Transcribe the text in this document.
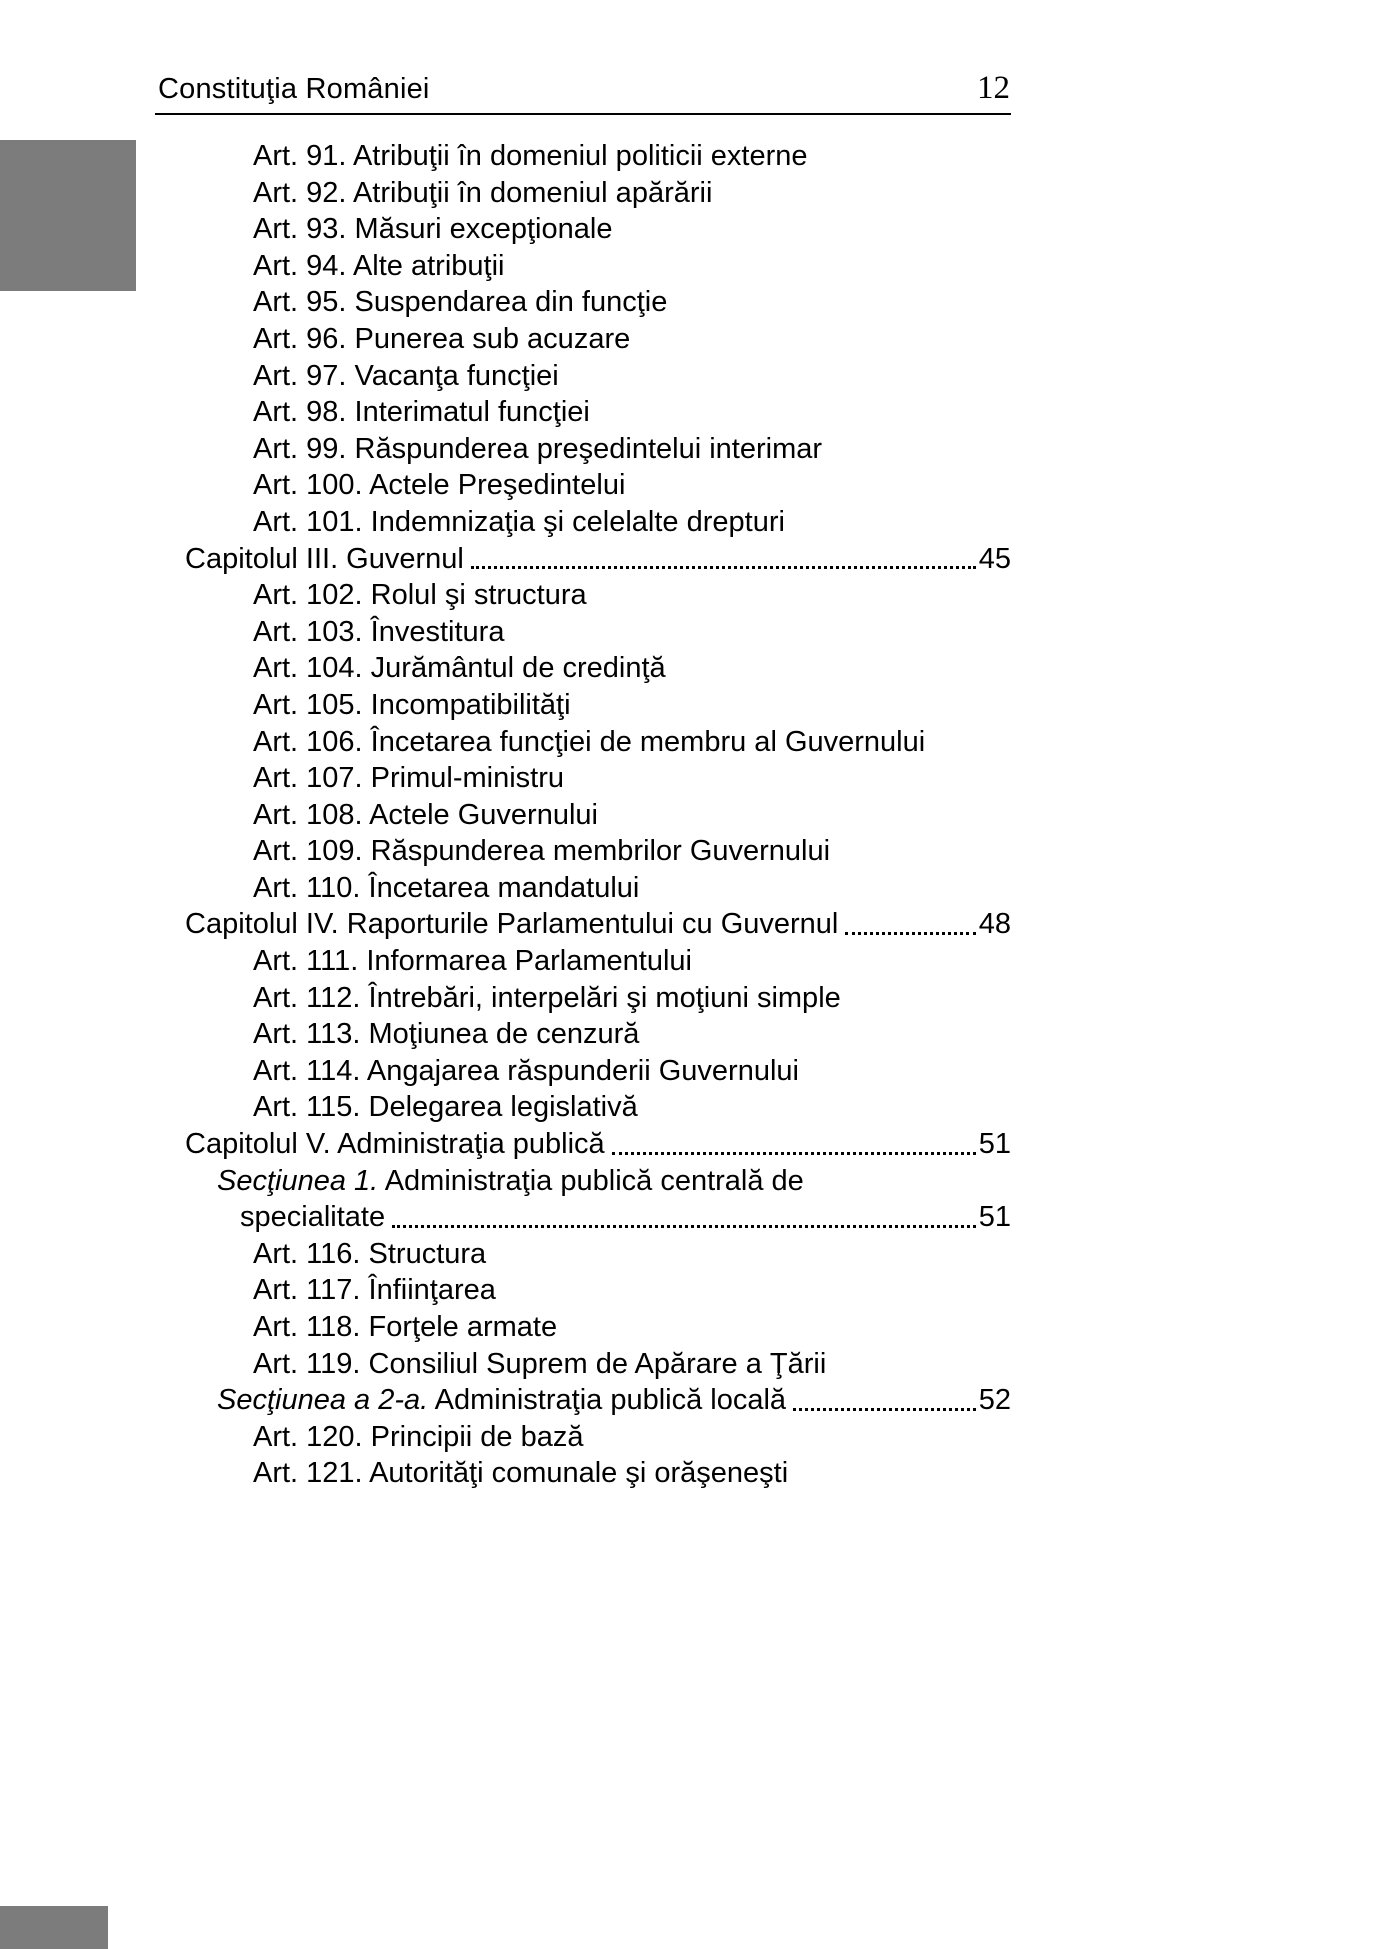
Constituţia României	12
Art. 91. Atribuţii în domeniul politicii externe
Art. 92. Atribuţii în domeniul apărării
Art. 93. Măsuri excepţionale
Art. 94. Alte atribuţii
Art. 95. Suspendarea din funcţie
Art. 96. Punerea sub acuzare
Art. 97. Vacanţa funcţiei
Art. 98. Interimatul funcţiei
Art. 99. Răspunderea preşedintelui interimar
Art. 100. Actele Preşedintelui
Art. 101. Indemnizaţia şi celelalte drepturi
Capitolul III. Guvernul	45
Art. 102. Rolul şi structura
Art. 103. Învestitura
Art. 104. Jurământul de credinţă
Art. 105. Incompatibilităţi
Art. 106. Încetarea funcţiei de membru al Guvernului
Art. 107. Primul-ministru
Art. 108. Actele Guvernului
Art. 109. Răspunderea membrilor Guvernului
Art. 110. Încetarea mandatului
Capitolul IV. Raporturile Parlamentului cu Guvernul	48
Art. 111. Informarea Parlamentului
Art. 112. Întrebări, interpelări şi moţiuni simple
Art. 113. Moţiunea de cenzură
Art. 114. Angajarea răspunderii Guvernului
Art. 115. Delegarea legislativă
Capitolul V. Administraţia publică	51
Secţiunea 1. Administraţia publică centrală de
specialitate	51
Art. 116. Structura
Art. 117. Înfiinţarea
Art. 118. Forţele armate
Art. 119. Consiliul Suprem de Apărare a Ţării
Secţiunea a 2-a. Administraţia publică locală	52
Art. 120. Principii de bază
Art. 121. Autorităţi comunale şi orăşeneşti
